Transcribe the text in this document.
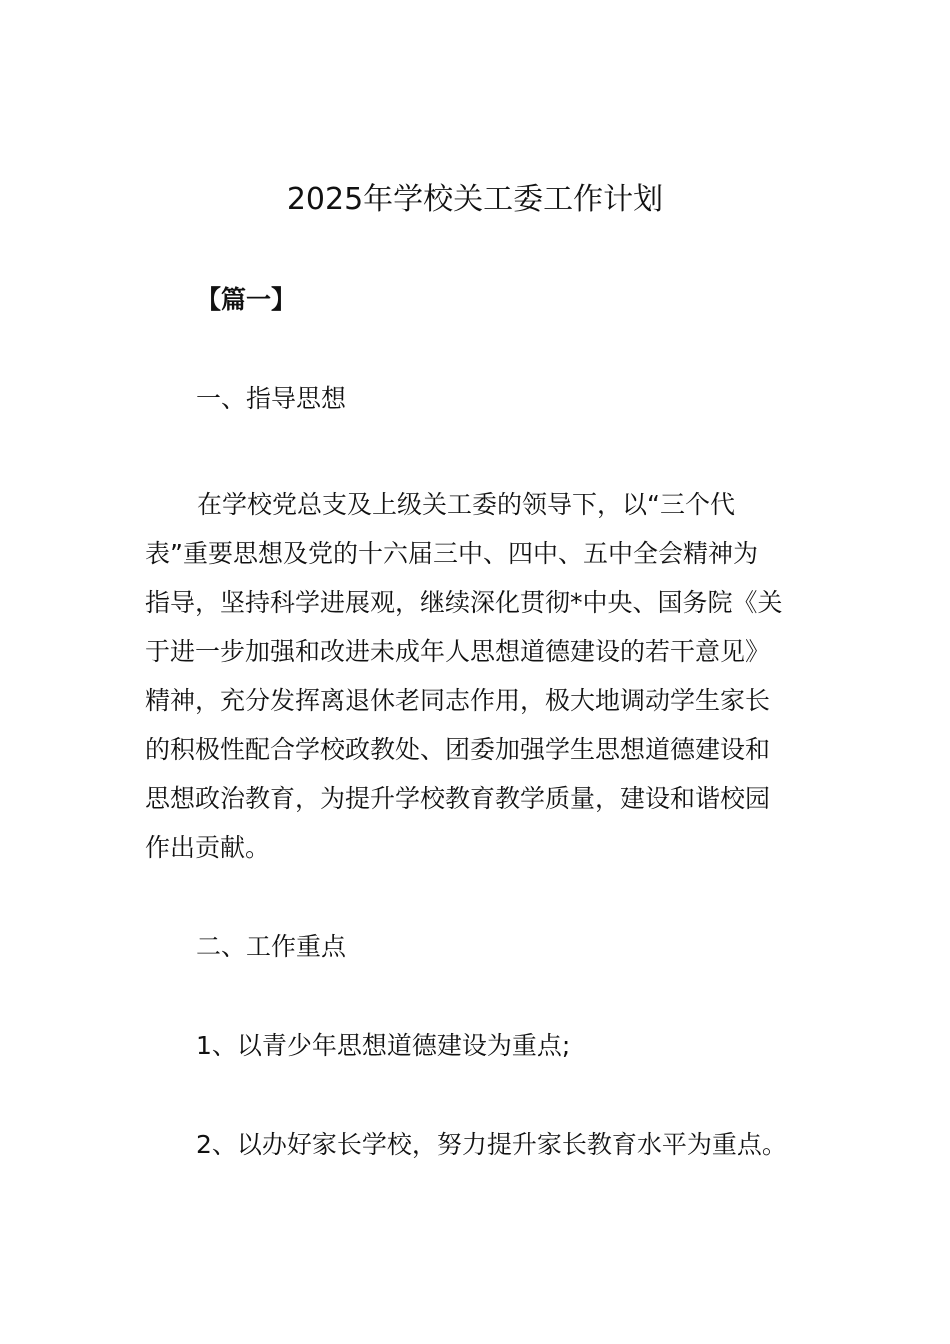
2025年学校关工委工作计划
【篇一】
一、指导思想
在学校党总支及上级关工委的领导下，以“三个代
表”重要思想及党的十六届三中、四中、五中全会精神为
指导，坚持科学进展观，继续深化贯彻*中央、国务院《关
于进一步加强和改进未成年人思想道德建设的若干意见》
精神，充分发挥离退休老同志作用，极大地调动学生家长
的积极性配合学校政教处、团委加强学生思想道德建设和
思想政治教育，为提升学校教育教学质量，建设和谐校园
作出贡献。
二、工作重点
1、以青少年思想道德建设为重点;
2、以办好家长学校，努力提升家长教育水平为重点。
